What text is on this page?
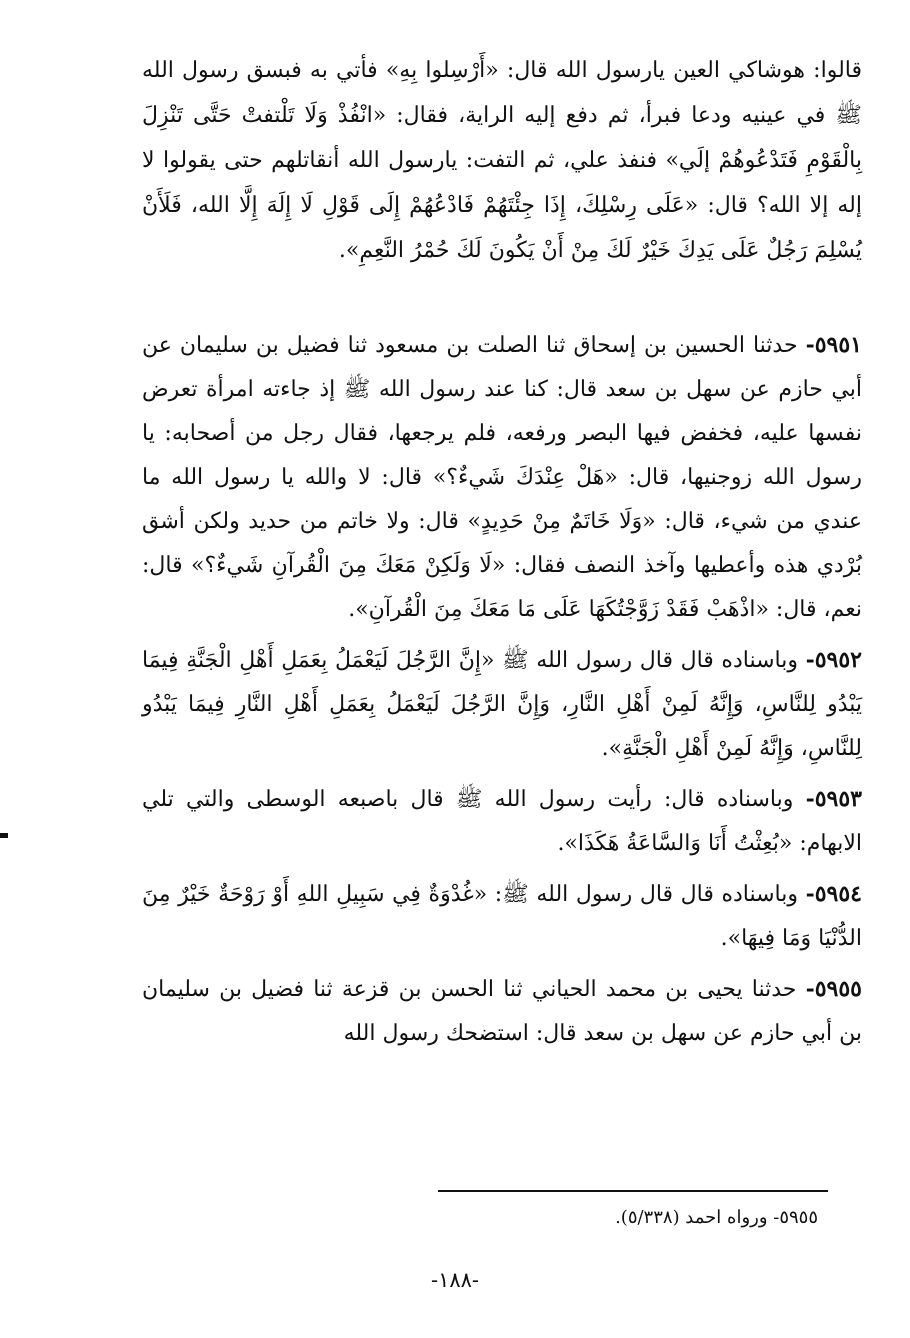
قالوا: هوشاكي العين يارسول الله قال: «أَرْسِلوا بِهِ» فأتي به فبسق رسول الله ﷺ في عينيه ودعا فبرأ، ثم دفع إليه الراية، فقال: «انْفُذْ وَلَا تَلْتفتْ حَتَّى تَنْزِلَ بِالْقَوْمِ فَتَدْعُوهُمْ إلَي» فنفذ علي، ثم التفت: يارسول الله أنقاتلهم حتى يقولوا لا إله إلا الله؟ قال: «عَلَى رِسْلِكَ، إِذَا جِئْتَهُمْ فَادْعُهُمْ إِلَى قَوْلِ لَا إِلَهَ إِلَّا الله، فَلَأَنْ يُسْلِمَ رَجُلٌ عَلَى يَدِكَ خَيْرٌ لَكَ مِنْ أَنْ يَكُونَ لَكَ حُمْرُ النَّعِمِ».

٥٩٥١- حدثنا الحسين بن إسحاق ثنا الصلت بن مسعود ثنا فضيل بن سليمان عن أبي حازم عن سهل بن سعد قال: كنا عند رسول الله ﷺ إذ جاءته امرأة تعرض نفسها عليه، فخفض فيها البصر ورفعه، فلم يرجعها، فقال رجل من أصحابه: يا رسول الله زوجنيها، قال: «هَلْ عِنْدَكَ شَيءٌ؟» قال: لا والله يا رسول الله ما عندي من شيء، قال: «وَلَا خَاتَمٌ مِنْ حَدِيدٍ» قال: ولا خاتم من حديد ولكن أشق بُرْدي هذه وأعطيها وآخذ النصف فقال: «لَا وَلَكِنْ مَعَكَ مِنَ الْقُرآنِ شَيءٌ؟» قال: نعم، قال: «اذْهَبْ فَقَدْ زَوَّجْتُكَهَا عَلَى مَا مَعَكَ مِنَ الْقُرآنِ».

٥٩٥٢- وباسناده قال قال رسول الله ﷺ «إِنَّ الرَّجُلَ لَيَعْمَلُ بِعَمَلِ أَهْلِ الْجَنَّةِ فِيمَا يَبْدُو لِلنَّاسِ، وَإِنَّهُ لَمِنْ أَهْلِ النَّارِ، وَإِنَّ الرَّجُلَ لَيَعْمَلُ بِعَمَلِ أَهْلِ النَّارِ فِيمَا يَبْدُو لِلنَّاسِ، وَإِنَّهُ لَمِنْ أَهْلِ الْجَنَّةِ».

٥٩٥٣- وباسناده قال: رأيت رسول الله ﷺ قال باصبعه الوسطى والتي تلي الابهام: «بُعِثْتُ أَنَا وَالسَّاعَةُ هَكَذَا».

٥٩٥٤- وباسناده قال قال رسول الله ﷺ: «غُدْوَةٌ فِي سَبِيلِ اللهِ أَوْ رَوْحَةٌ خَيْرٌ مِنَ الدُّنْيَا وَمَا فِيهَا».

٥٩٥٥- حدثنا يحيى بن محمد الحياني ثنا الحسن بن قزعة ثنا فضيل بن سليمان بن أبي حازم عن سهل بن سعد قال: استضحك رسول الله

٥٩٥٥- ورواه احمد (٥/٣٣٨).

-١٨٨-
